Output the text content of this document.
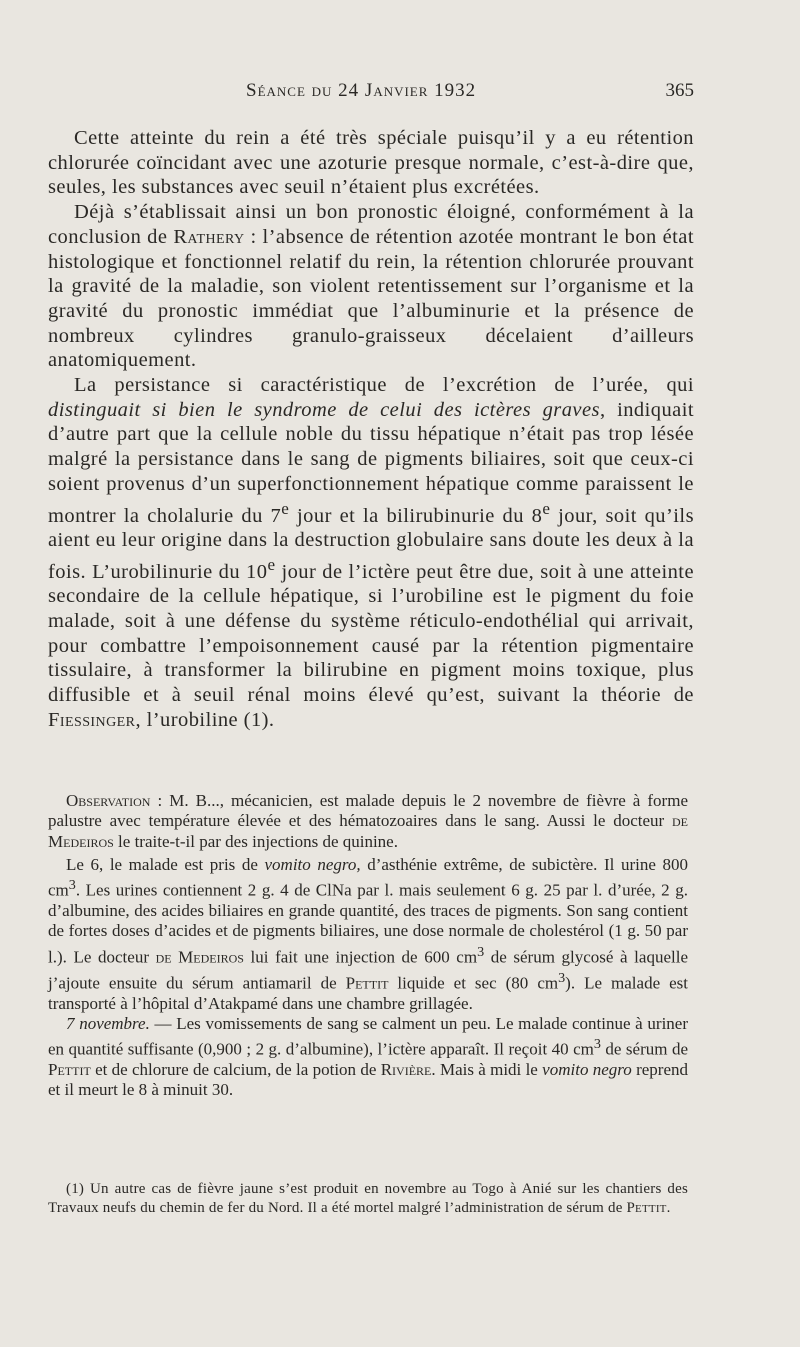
Séance du 24 Janvier 1932	365

Cette atteinte du rein a été très spéciale puisqu’il y a eu rétention chlorurée coïncidant avec une azoturie presque normale, c’est-à-dire que, seules, les substances avec seuil n’étaient plus excrétées.

Déjà s’établissait ainsi un bon pronostic éloigné, conformément à la conclusion de Rathery : l’absence de rétention azotée montrant le bon état histologique et fonctionnel relatif du rein, la rétention chlorurée prouvant la gravité de la maladie, son violent retentissement sur l’organisme et la gravité du pronostic immédiat que l’albuminurie et la présence de nombreux cylindres granulo-graisseux décelaient d’ailleurs anatomiquement.

La persistance si caractéristique de l’excrétion de l’urée, qui distinguait si bien le syndrome de celui des ictères graves, indiquait d’autre part que la cellule noble du tissu hépatique n’était pas trop lésée malgré la persistance dans le sang de pigments biliaires, soit que ceux-ci soient provenus d’un superfonctionnement hépatique comme paraissent le montrer la cholalurie du 7e jour et la bilirubinurie du 8e jour, soit qu’ils aient eu leur origine dans la destruction globulaire sans doute les deux à la fois. L’urobilinurie du 10e jour de l’ictère peut être due, soit à une atteinte secondaire de la cellule hépatique, si l’urobiline est le pigment du foie malade, soit à une défense du système réticulo-endothélial qui arrivait, pour combattre l’empoisonnement causé par la rétention pigmentaire tissulaire, à transformer la bilirubine en pigment moins toxique, plus diffusible et à seuil rénal moins élevé qu’est, suivant la théorie de Fiessinger, l’urobiline (1).

Observation : M. B..., mécanicien, est malade depuis le 2 novembre de fièvre à forme palustre avec température élevée et des hématozoaires dans le sang. Aussi le docteur de Medeiros le traite-t-il par des injections de quinine.

Le 6, le malade est pris de vomito negro, d’asthénie extrême, de subictère. Il urine 800 $cm^3$. Les urines contiennent 2 g. 4 de ClNa par l. mais seulement 6 g. 25 par l. d’urée, 2 g. d’albumine, des acides biliaires en grande quantité, des traces de pigments. Son sang contient de fortes doses d’acides et de pigments biliaires, une dose normale de cholestérol (1 g. 50 par l.). Le docteur de Medeiros lui fait une injection de 600 $cm^3$ de sérum glycosé à laquelle j’ajoute ensuite du sérum antiamaril de Pettit liquide et sec (80 $cm^3$). Le malade est transporté à l’hôpital d’Atakpamé dans une chambre grillagée.

7 novembre. — Les vomissements de sang se calment un peu. Le malade continue à uriner en quantité suffisante (0,900 ; 2 g. d’albumine), l’ictère apparaît. Il reçoit 40 $cm^3$ de sérum de Pettit et de chlorure de calcium, de la potion de Rivière. Mais à midi le vomito negro reprend et il meurt le 8 à minuit 30.

(1) Un autre cas de fièvre jaune s’est produit en novembre au Togo à Anié sur les chantiers des Travaux neufs du chemin de fer du Nord. Il a été mortel malgré l’administration de sérum de Pettit.
